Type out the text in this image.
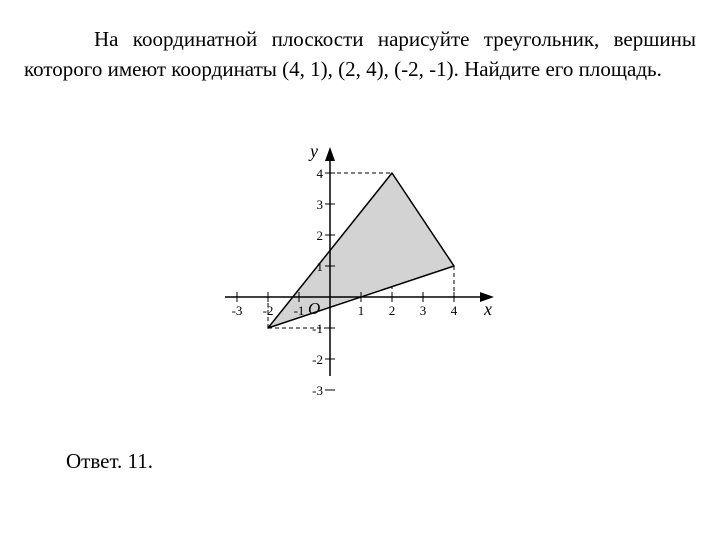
На координатной плоскости нарисуйте треугольник, вершины которого имеют координаты (4, 1), (2, 4), (-2, -1). Найдите его площадь.

-3 -2 -1	1 2 3 4
-3
-2
-1
1
2
3
4
x
y
O

Ответ. 11.
